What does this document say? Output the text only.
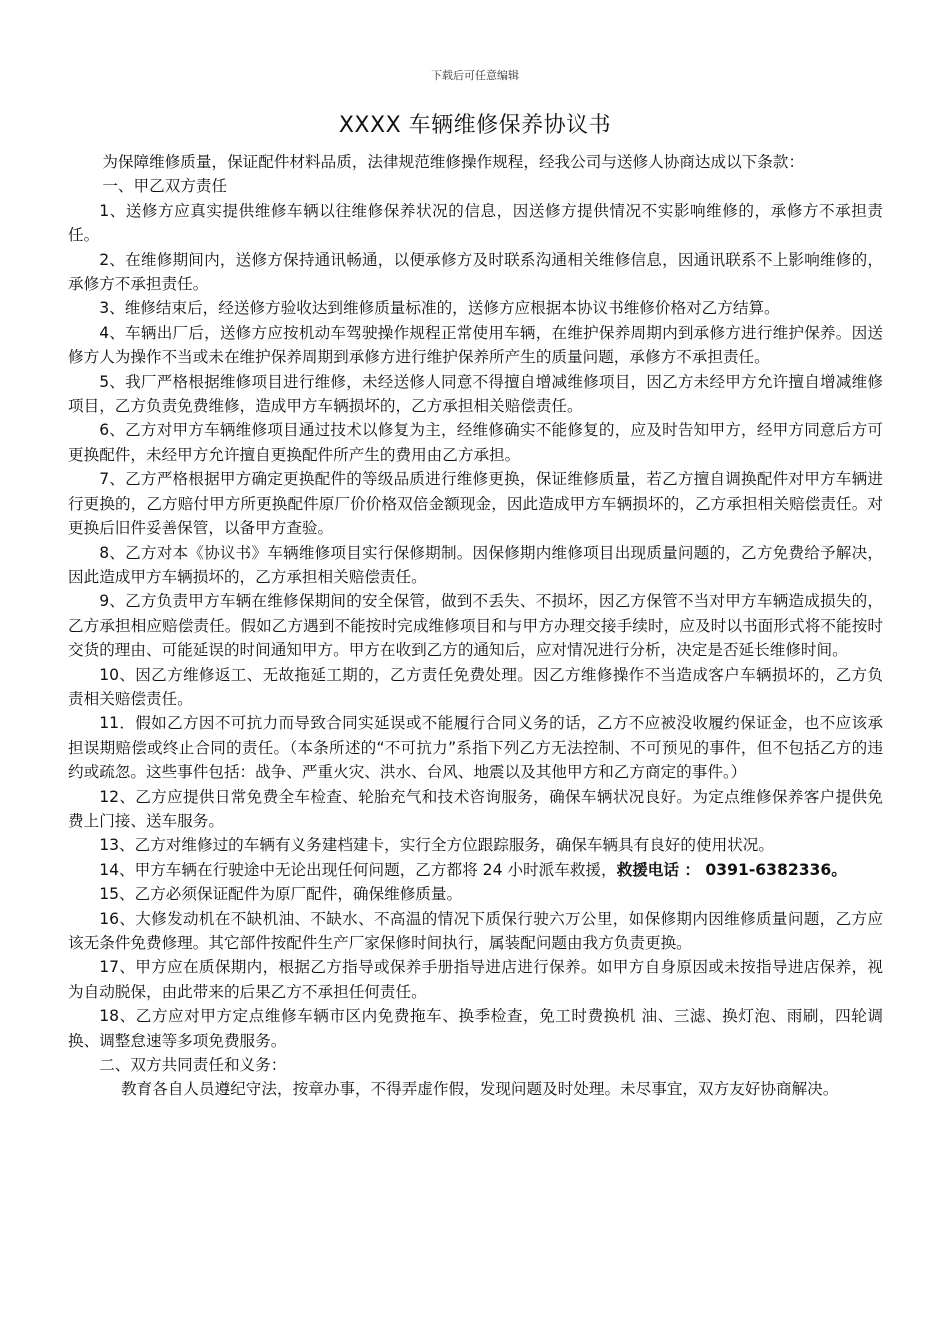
下载后可任意编辑
XXXX 车辆维修保养协议书

为保障维修质量，保证配件材料品质，法律规范维修操作规程，经我公司与送修人协商达成以下条款：

一、甲乙双方责任

1、送修方应真实提供维修车辆以往维修保养状况的信息，因送修方提供情况不实影响维修的，承修方不承担责任。

2、在维修期间内，送修方保持通讯畅通，以便承修方及时联系沟通相关维修信息，因通讯联系不上影响维修的，承修方不承担责任。

3、维修结束后，经送修方验收达到维修质量标准的，送修方应根据本协议书维修价格对乙方结算。

4、车辆出厂后，送修方应按机动车驾驶操作规程正常使用车辆，在维护保养周期内到承修方进行维护保养。因送修方人为操作不当或未在维护保养周期到承修方进行维护保养所产生的质量问题，承修方不承担责任。

5、我厂严格根据维修项目进行维修，未经送修人同意不得擅自增减维修项目，因乙方未经甲方允许擅自增减维修项目，乙方负责免费维修，造成甲方车辆损坏的，乙方承担相关赔偿责任。

6、乙方对甲方车辆维修项目通过技术以修复为主，经维修确实不能修复的，应及时告知甲方，经甲方同意后方可更换配件，未经甲方允许擅自更换配件所产生的费用由乙方承担。

7、乙方严格根据甲方确定更换配件的等级品质进行维修更换，保证维修质量，若乙方擅自调换配件对甲方车辆进行更换的，乙方赔付甲方所更换配件原厂价价格双倍金额现金，因此造成甲方车辆损坏的，乙方承担相关赔偿责任。对更换后旧件妥善保管，以备甲方查验。

8、乙方对本《协议书》车辆维修项目实行保修期制。因保修期内维修项目出现质量问题的，乙方免费给予解决，因此造成甲方车辆损坏的，乙方承担相关赔偿责任。

9、乙方负责甲方车辆在维修保期间的安全保管，做到不丢失、不损坏，因乙方保管不当对甲方车辆造成损失的，乙方承担相应赔偿责任。假如乙方遇到不能按时完成维修项目和与甲方办理交接手续时，应及时以书面形式将不能按时交货的理由、可能延误的时间通知甲方。甲方在收到乙方的通知后，应对情况进行分析，决定是否延长维修时间。

10、因乙方维修返工、无故拖延工期的，乙方责任免费处理。因乙方维修操作不当造成客户车辆损坏的，乙方负责相关赔偿责任。

11．假如乙方因不可抗力而导致合同实延误或不能履行合同义务的话，乙方不应被没收履约保证金，也不应该承担误期赔偿或终止合同的责任。（本条所述的“不可抗力”系指下列乙方无法控制、不可预见的事件，但不包括乙方的违约或疏忽。这些事件包括：战争、严重火灾、洪水、台风、地震以及其他甲方和乙方商定的事件。）

12、乙方应提供日常免费全车检查、轮胎充气和技术咨询服务，确保车辆状况良好。为定点维修保养客户提供免费上门接、送车服务。

13、乙方对维修过的车辆有义务建档建卡，实行全方位跟踪服务，确保车辆具有良好的使用状况。

14、甲方车辆在行驶途中无论出现任何问题，乙方都将 24 小时派车救援，救援电话 ： 0391-6382336。

15、乙方必须保证配件为原厂配件，确保维修质量。

16、大修发动机在不缺机油、不缺水、不高温的情况下质保行驶六万公里，如保修期内因维修质量问题，乙方应该无条件免费修理。其它部件按配件生产厂家保修时间执行，属装配问题由我方负责更换。

17、甲方应在质保期内，根据乙方指导或保养手册指导进店进行保养。如甲方自身原因或未按指导进店保养，视为自动脱保，由此带来的后果乙方不承担任何责任。

18、乙方应对甲方定点维修车辆市区内免费拖车、换季检查，免工时费换机 油、三滤、换灯泡、雨刷，四轮调换、调整怠速等多项免费服务。

二、双方共同责任和义务：

教育各自人员遵纪守法，按章办事，不得弄虚作假，发现问题及时处理。未尽事宜，双方友好协商解决。
